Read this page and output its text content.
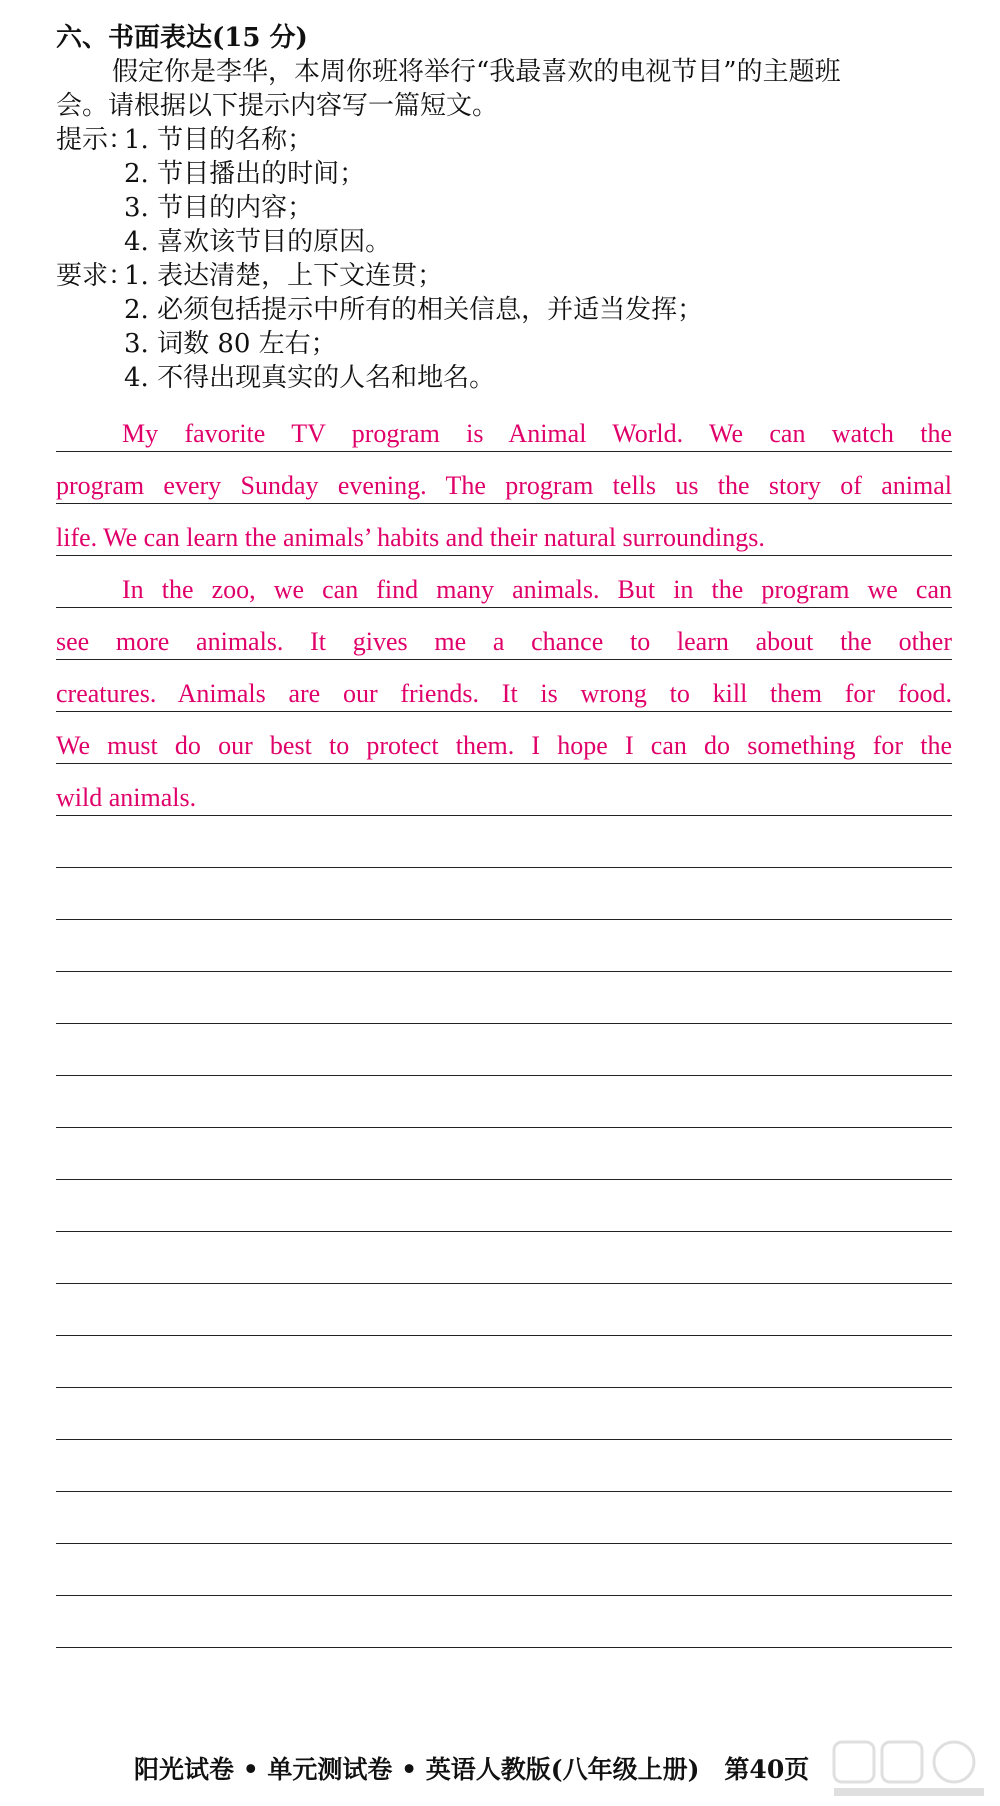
六、书面表达(15 分)
假定你是李华，本周你班将举行“我最喜欢的电视节目”的主题班
会。请根据以下提示内容写一篇短文。
提示：
1. 节目的名称；
2. 节目播出的时间；
3. 节目的内容；
4. 喜欢该节目的原因。
要求：
1. 表达清楚，上下文连贯；
2. 必须包括提示中所有的相关信息，并适当发挥；
3. 词数 80 左右；
4. 不得出现真实的人名和地名。
My favorite TV program is Animal World. We can watch the
program every Sunday evening. The program tells us the story of animal
life. We can learn the animals’ habits and their natural surroundings.
In the zoo, we can find many animals. But in the program we can
see more animals. It gives me a chance to learn about the other
creatures. Animals are our friends. It is wrong to kill them for food.
We must do our best to protect them. I hope I can do something for the
wild animals.
阳光试卷 • 单元测试卷 • 英语人教版(八年级上册)　第40页
